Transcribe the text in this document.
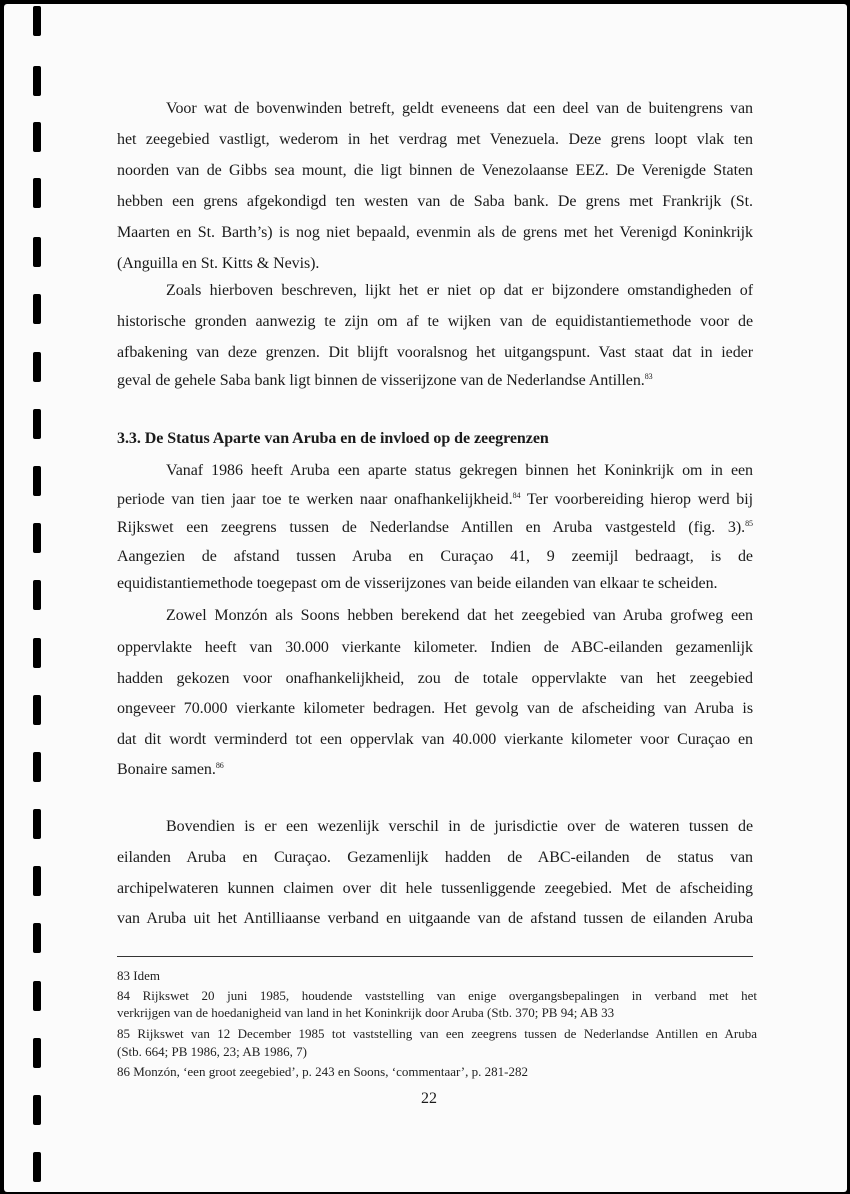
Voor wat de bovenwinden betreft, geldt eveneens dat een deel van de buitengrens van
het zeegebied vastligt, wederom in het verdrag met Venezuela. Deze grens loopt vlak ten
noorden van de Gibbs sea mount, die ligt binnen de Venezolaanse EEZ. De Verenigde Staten
hebben een grens afgekondigd ten westen van de Saba bank. De grens met Frankrijk (St.
Maarten en St. Barth’s) is nog niet bepaald, evenmin als de grens met het Verenigd Koninkrijk
(Anguilla en St. Kitts & Nevis).
Zoals hierboven beschreven, lijkt het er niet op dat er bijzondere omstandigheden of
historische gronden aanwezig te zijn om af te wijken van de equidistantiemethode voor de
afbakening van deze grenzen. Dit blijft vooralsnog het uitgangspunt. Vast staat dat in ieder
geval de gehele Saba bank ligt binnen de visserijzone van de Nederlandse Antillen.$^{83}$
3.3. De Status Aparte van Aruba en de invloed op de zeegrenzen
Vanaf 1986 heeft Aruba een aparte status gekregen binnen het Koninkrijk om in een
periode van tien jaar toe te werken naar onafhankelijkheid.$^{84}$ Ter voorbereiding hierop werd bij
Rijkswet een zeegrens tussen de Nederlandse Antillen en Aruba vastgesteld (fig. 3).$^{85}$
Aangezien de afstand tussen Aruba en Curaçao 41, 9 zeemijl bedraagt, is de
equidistantiemethode toegepast om de visserijzones van beide eilanden van elkaar te scheiden.
Zowel Monzón als Soons hebben berekend dat het zeegebied van Aruba grofweg een
oppervlakte heeft van 30.000 vierkante kilometer. Indien de ABC-eilanden gezamenlijk
hadden gekozen voor onafhankelijkheid, zou de totale oppervlakte van het zeegebied
ongeveer 70.000 vierkante kilometer bedragen. Het gevolg van de afscheiding van Aruba is
dat dit wordt verminderd tot een oppervlak van 40.000 vierkante kilometer voor Curaçao en
Bonaire samen.$^{86}$
Bovendien is er een wezenlijk verschil in de jurisdictie over de wateren tussen de
eilanden Aruba en Curaçao. Gezamenlijk hadden de ABC-eilanden de status van
archipelwateren kunnen claimen over dit hele tussenliggende zeegebied. Met de afscheiding
van Aruba uit het Antilliaanse verband en uitgaande van de afstand tussen de eilanden Aruba
83 Idem
84 Rijkswet 20 juni 1985, houdende vaststelling van enige overgangsbepalingen in verband met het
verkrijgen van de hoedanigheid van land in het Koninkrijk door Aruba (Stb. 370; PB 94; AB 33
85 Rijkswet van 12 December 1985 tot vaststelling van een zeegrens tussen de Nederlandse Antillen en Aruba
(Stb. 664; PB 1986, 23; AB 1986, 7)
86 Monzón, ‘een groot zeegebied’, p. 243 en Soons, ‘commentaar’, p. 281-282
22
